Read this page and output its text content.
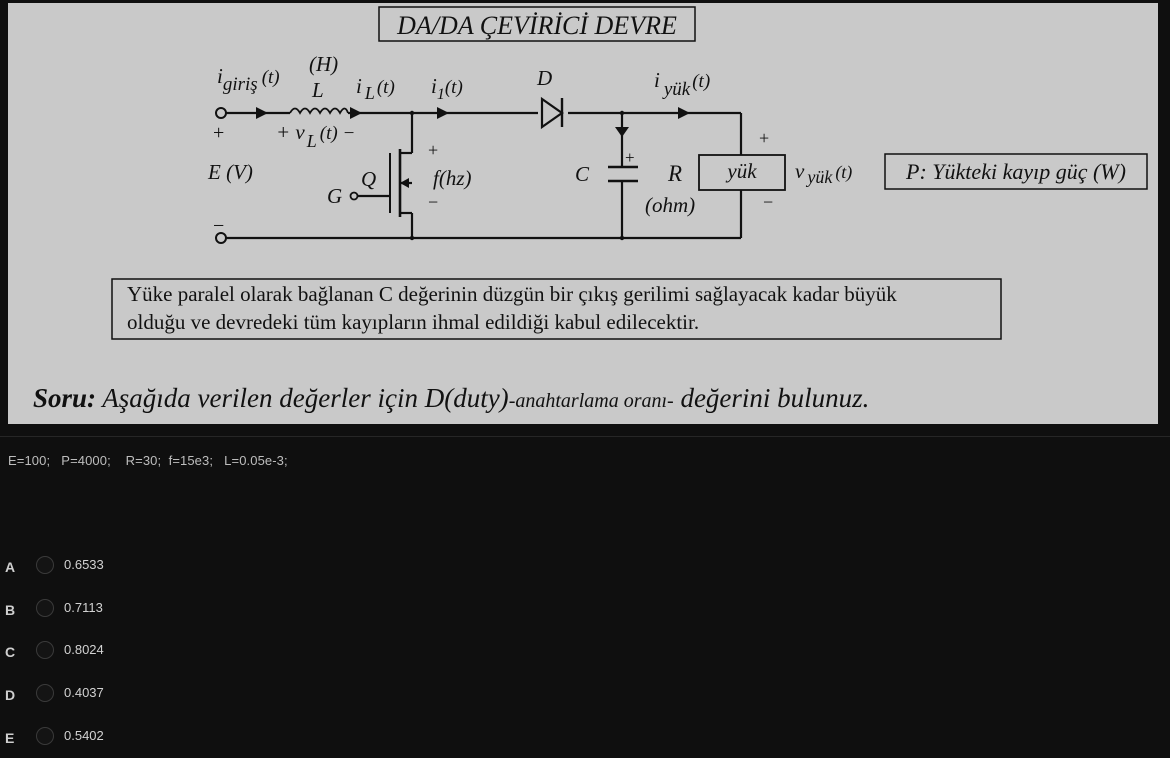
DA/DA ÇEVİRİCİ DEVRE
igiriş (t)
(H)
L i L (t) $i_1(t)$	D	i yük (t)
+ + v L (t) −
E (V)
−
G
Q
+
f(hz)
−
C
+
R
(ohm)
yük
+
−
v yük (t) P: Yükteki kayıp güç (W)
Yüke paralel olarak bağlanan C değerinin düzgün bir çıkış gerilimi sağlayacak kadar büyük
olduğu ve devredeki tüm kayıpların ihmal edildiği kabul edilecektir.
Soru: Aşağıda verilen değerler için D(duty)-anahtarlama oranı- değerini bulunuz.
E=100;   P=4000;    R=30;  f=15e3;   L=0.05e-3;
A	0.6533
B	0.7113
C	0.8024
D	0.4037
E	0.5402
